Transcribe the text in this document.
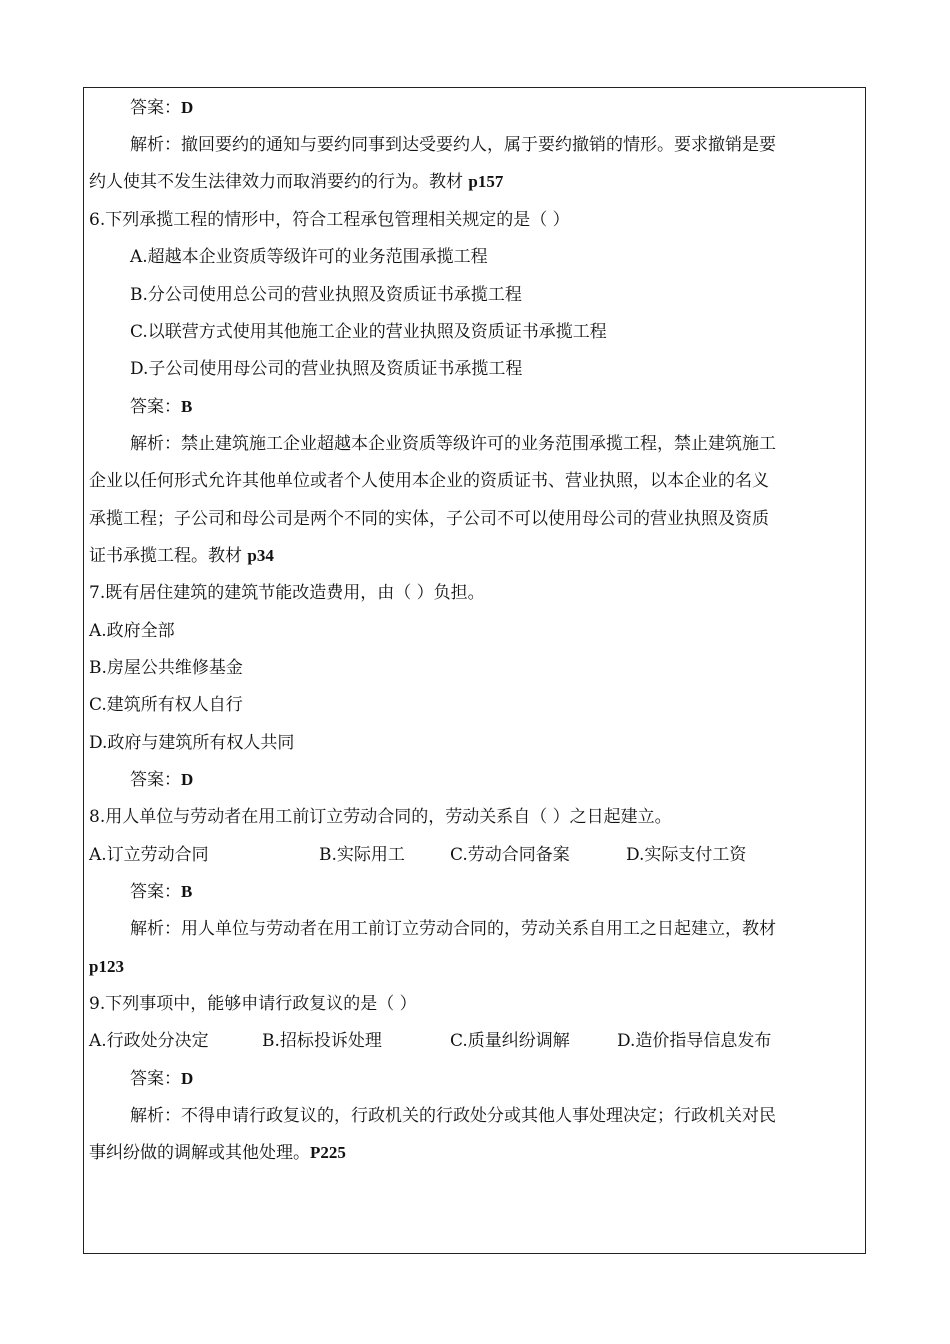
答案：D
解析：撤回要约的通知与要约同事到达受要约人，属于要约撤销的情形。要求撤销是要
约人使其不发生法律效力而取消要约的行为。教材 p157
6.下列承揽工程的情形中，符合工程承包管理相关规定的是（ ）
A.超越本企业资质等级许可的业务范围承揽工程
B.分公司使用总公司的营业执照及资质证书承揽工程
C.以联营方式使用其他施工企业的营业执照及资质证书承揽工程
D.子公司使用母公司的营业执照及资质证书承揽工程
答案：B
解析：禁止建筑施工企业超越本企业资质等级许可的业务范围承揽工程，禁止建筑施工
企业以任何形式允许其他单位或者个人使用本企业的资质证书、营业执照，以本企业的名义
承揽工程；子公司和母公司是两个不同的实体，子公司不可以使用母公司的营业执照及资质
证书承揽工程。教材 p34
7.既有居住建筑的建筑节能改造费用，由（ ）负担。
A.政府全部
B.房屋公共维修基金
C.建筑所有权人自行
D.政府与建筑所有权人共同
答案：D
8.用人单位与劳动者在用工前订立劳动合同的，劳动关系自（ ）之日起建立。
A.订立劳动合同	B.实际用工	C.劳动合同备案	D.实际支付工资
答案：B
解析：用人单位与劳动者在用工前订立劳动合同的，劳动关系自用工之日起建立，教材
p123
9.下列事项中，能够申请行政复议的是（ ）
A.行政处分决定	B.招标投诉处理	C.质量纠纷调解	D.造价指导信息发布
答案：D
解析：不得申请行政复议的，行政机关的行政处分或其他人事处理决定；行政机关对民
事纠纷做的调解或其他处理。P225
